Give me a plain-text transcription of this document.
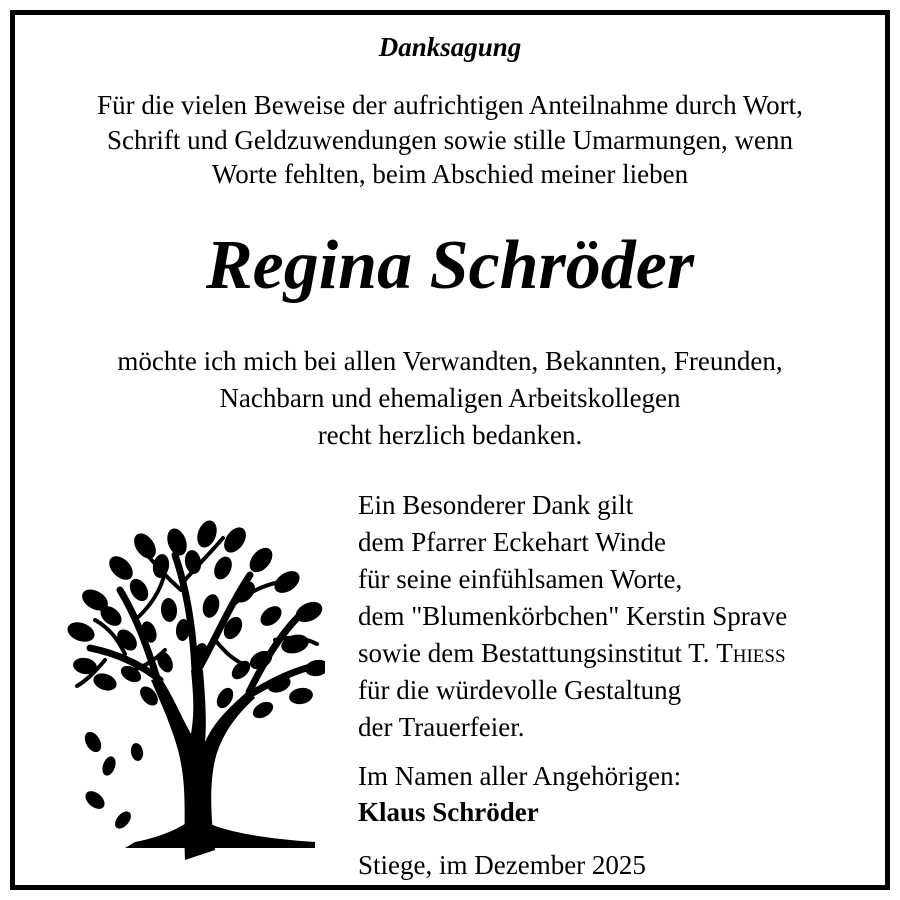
Danksagung
Für die vielen Beweise der aufrichtigen Anteilnahme durch Wort,
Schrift und Geldzuwendungen sowie stille Umarmungen, wenn
Worte fehlten, beim Abschied meiner lieben
Regina Schröder
möchte ich mich bei allen Verwandten, Bekannten, Freunden,
Nachbarn und ehemaligen Arbeitskollegen
recht herzlich bedanken.
Ein Besonderer Dank gilt
dem Pfarrer Eckehart Winde
für seine einfühlsamen Worte,
dem "Blumenkörbchen" Kerstin Sprave
sowie dem Bestattungsinstitut T. Thieß
für die würdevolle Gestaltung
der Trauerfeier.
Im Namen aller Angehörigen:
Klaus Schröder
Stiege, im Dezember 2025
